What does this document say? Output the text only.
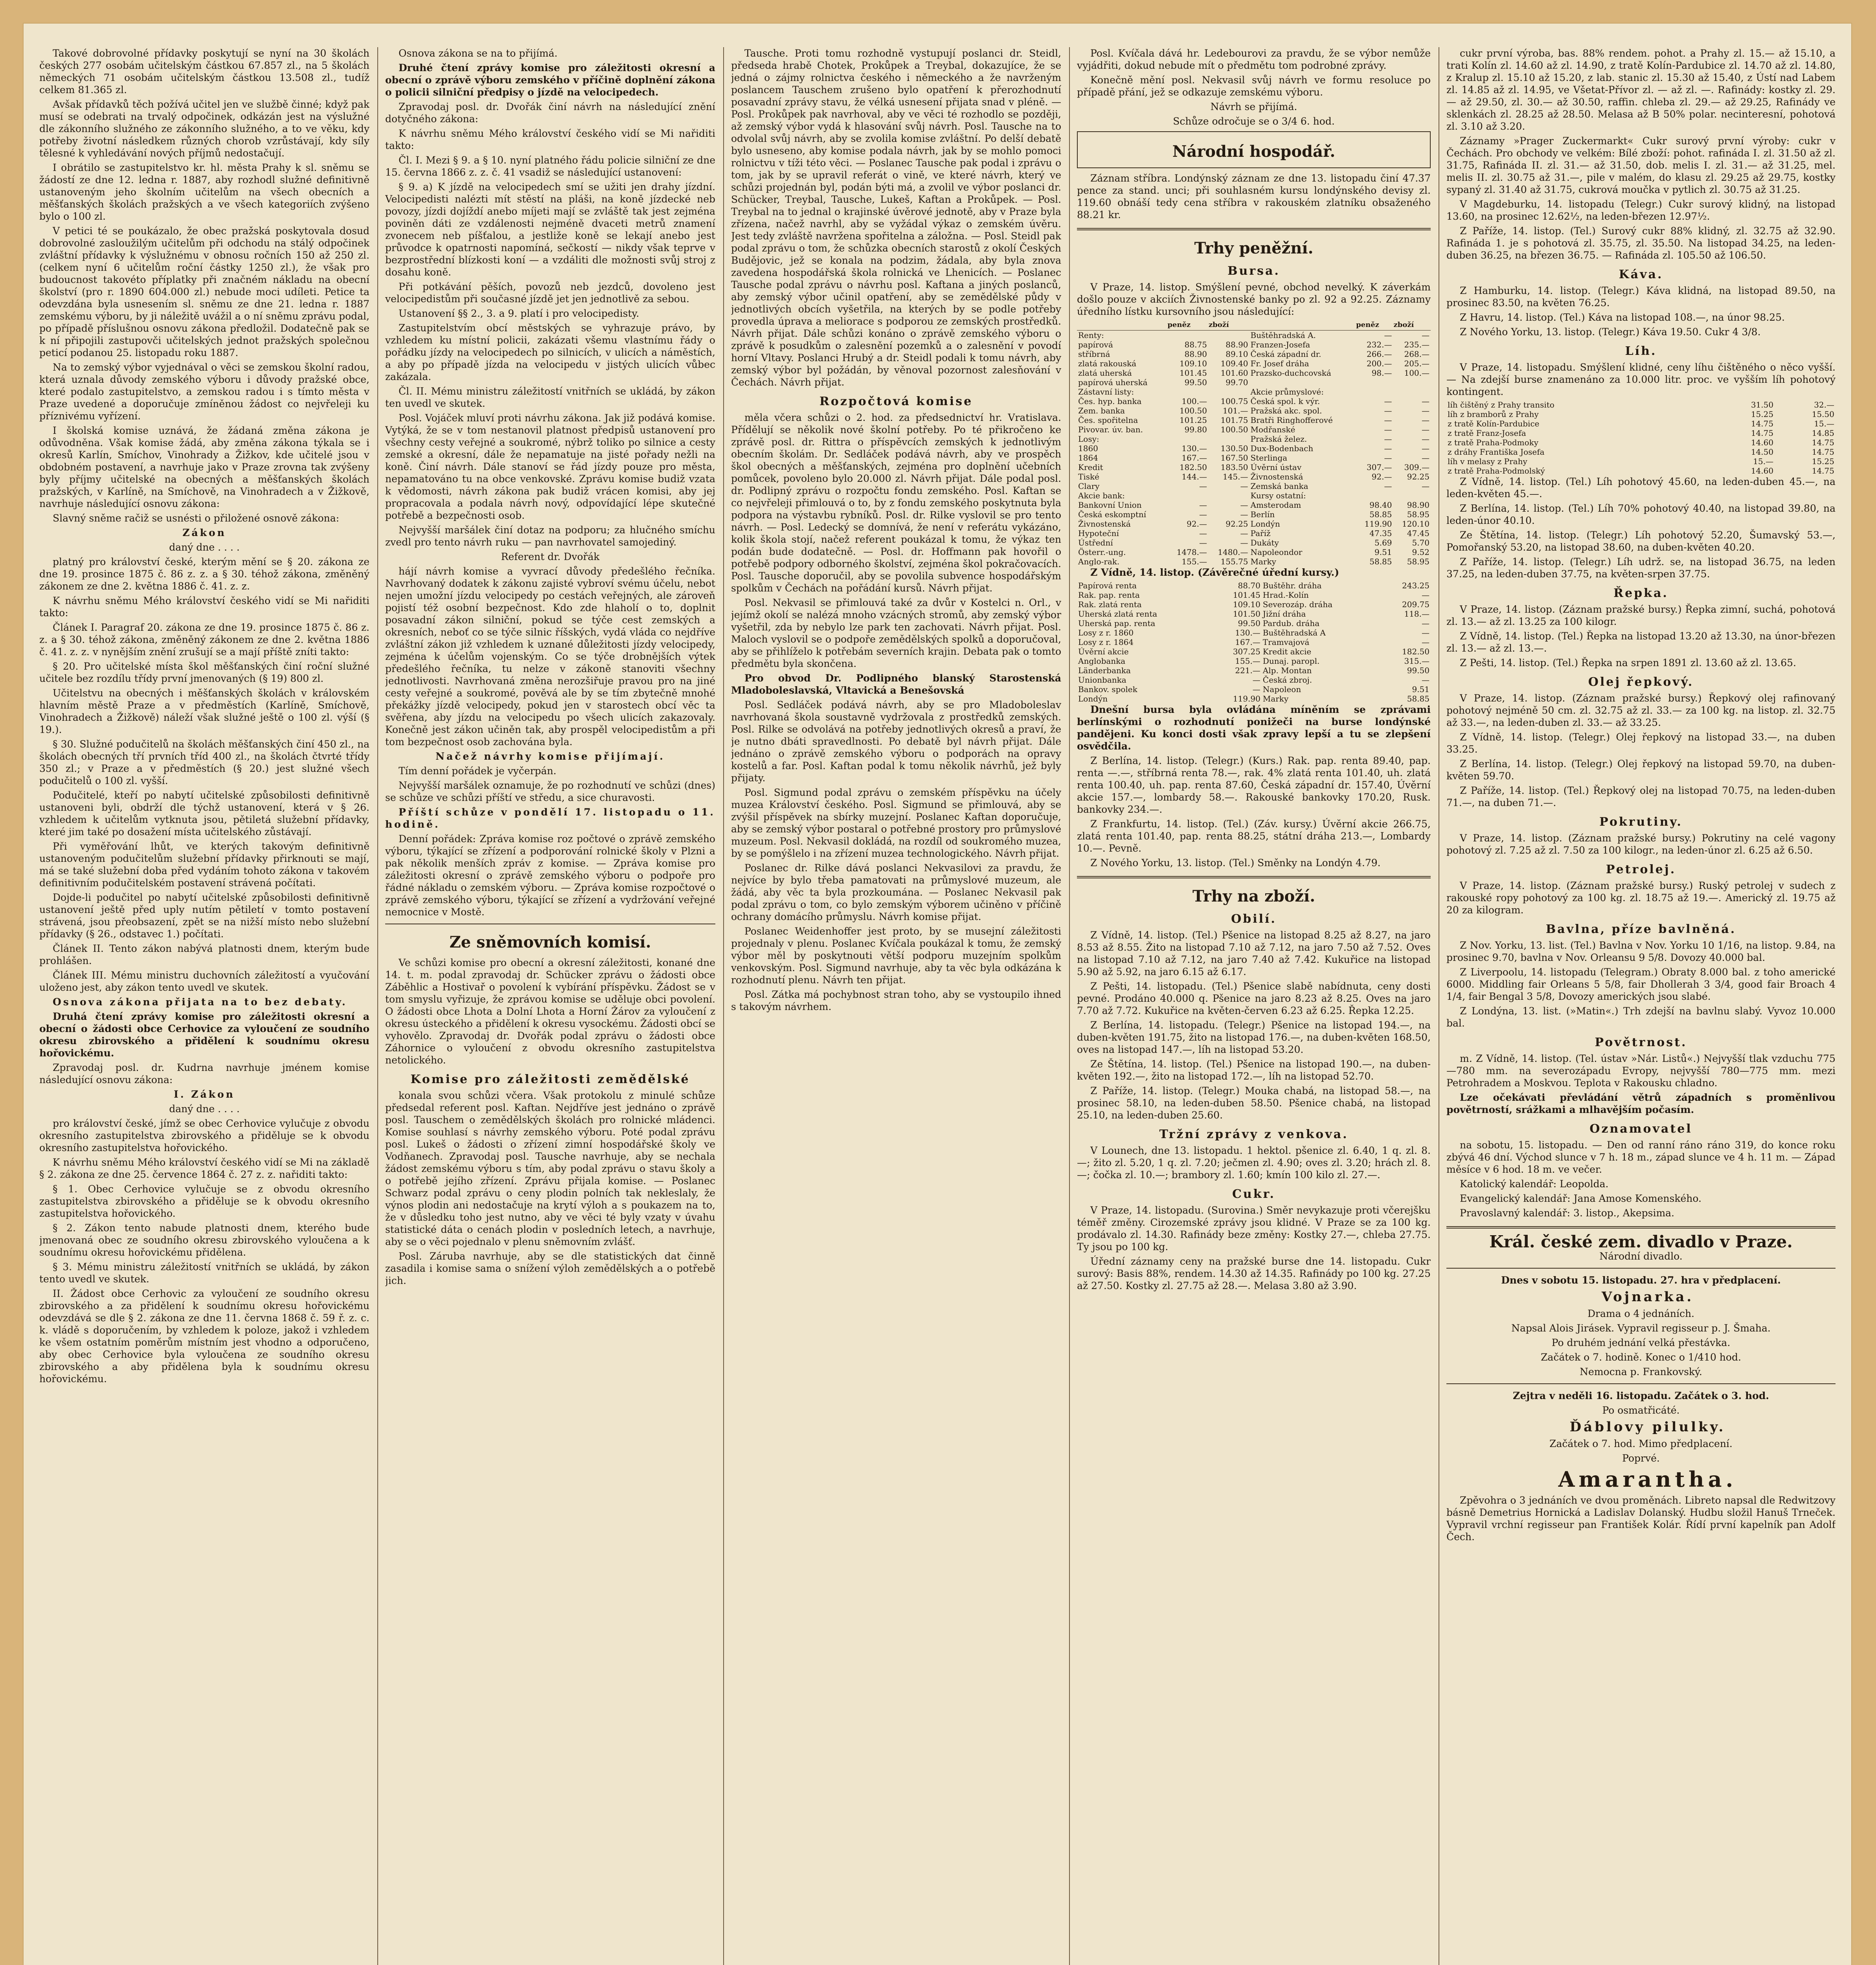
Takové dobrovolné přídavky poskytují se nyní na 30 školách českých 277 osobám učitelským částkou 67.857 zl., na 5 školách německých 71 osobám učitelským částkou 13.508 zl., tudíž celkem 81.365 zl.

Avšak přídavků těch požívá učitel jen ve službě činné; když pak musí se odebrati na trvalý odpočinek, odkázán jest na výslužné dle zákonního služného ze zákonního služného, a to ve věku, kdy potřeby životní následkem různých chorob vzrůstávají, kdy síly tělesné k vyhledávání nových příjmů nedostačují.

I obrátilo se zastupitelstvo kr. hl. města Prahy k sl. sněmu se žádostí ze dne 12. ledna r. 1887, aby rozhodl služné definitivně ustanoveným jeho školním učitelům na všech obecních a měšťanských školách pražských a ve všech kategoriích zvýšeno bylo o 100 zl.

V petici té se poukázalo, že obec pražská poskytovala dosud dobrovolné zasloužilým učitelům při odchodu na stálý odpočinek zvláštní přídavky k výslužnému v obnosu ročních 150 až 250 zl. (celkem nyní 6 učitelům roční částky 1250 zl.), že však pro budoucnost takovéto příplatky při značném nákladu na obecní školství (pro r. 1890 604.000 zl.) nebude moci udíleti. Petice ta odevzdána byla usnesením sl. sněmu ze dne 21. ledna r. 1887 zemskému výboru, by ji náležitě uvážil a o ní sněmu zprávu podal, po případě příslušnou osnovu zákona předložil. Dodatečně pak se k ní připojili zastupovči učitelských jednot pražských společnou peticí podanou 25. listopadu roku 1887.

Na to zemský výbor vyjednával o věci se zemskou školní radou, která uznala důvody zemského výboru i důvody pražské obce, které podalo zastupitelstvo, a zemskou radou i s tímto města v Praze uvedené a doporučuje zmíněnou žádost co nejvřeleji ku příznivému vyřízení.

I školská komise uznává, že žádaná změna zákona je odůvodněna. Však komise žádá, aby změna zákona týkala se i okresů Karlín, Smíchov, Vinohrady a Žižkov, kde učitelé jsou v obdobném postavení, a navrhuje jako v Praze zrovna tak zvýšeny byly příjmy učitelské na obecných a měšťanských školách pražských, v Karlíně, na Smíchově, na Vinohradech a v Žižkově, navrhuje následující osnovu zákona:

Slavný sněme račiž se usnésti o přiložené osnově zákona:

Zákon

daný dne . . . .

platný pro království české, kterým mění se § 20. zákona ze dne 19. prosince 1875 č. 86 z. z. a § 30. téhož zákona, změněný zákonem ze dne 2. května 1886 č. 41. z. z.

K návrhu sněmu Mého království českého vidí se Mi nařiditi takto:

Článek I. Paragraf 20. zákona ze dne 19. prosince 1875 č. 86 z. z. a § 30. téhož zákona, změněný zákonem ze dne 2. května 1886 č. 41. z. z. v nynějším znění zrušují se a mají příště zníti takto:

§ 20. Pro učitelské místa škol měšťanských činí roční služné učitele bez rozdílu třídy první jmenovaných (§ 19) 800 zl.

Učitelstvu na obecných i měšťanských školách v královském hlavním městě Praze a v předměstích (Karlíně, Smíchově, Vinohradech a Žižkově) náleží však služné ještě o 100 zl. výší (§ 19.).

§ 30. Služné podučitelů na školách měšťanských činí 450 zl., na školách obecných tří prvních tříd 400 zl., na školách čtvrté třídy 350 zl.; v Praze a v předměstích (§ 20.) jest služné všech podučitelů o 100 zl. vyšší.

Podučitelé, kteří po nabytí učitelské způsobilosti definitivně ustanoveni byli, obdrží dle týchž ustanovení, která v § 26. vzhledem k učitelům vytknuta jsou, pětiletá služební přídavky, které jim také po dosažení místa učitelského zůstávají.

Při vyměřování lhůt, ve kterých takovým definitivně ustanoveným podučitelům služební přídavky přirknouti se mají, má se také služební doba před vydáním tohoto zákona v takovém definitivním podučitelském postavení strávená počítati.

Dojde-li podučitel po nabytí učitelské způsobilosti definitivně ustanovení ještě před uply nutím pětiletí v tomto postavení strávená, jsou přeobsazení, zpět se na nižší místo nebo služební přídavky (§ 26., odstavec 1.) počítati.

Článek II. Tento zákon nabývá platnosti dnem, kterým bude prohlášen.

Článek III. Mému ministru duchovních záležitostí a vyučování uloženo jest, aby zákon tento uvedl ve skutek.

Osnova zákona přijata na to bez debaty.

Druhá čtení zprávy komise pro záležitosti okresní a obecní o žádosti obce Cerhovice za vyloučení ze soudního okresu zbirovského a přidělení k soudnímu okresu hořovickému.

Zpravodaj posl. dr. Kudrna navrhuje jménem komise následující osnovu zákona:

I. Zákon

daný dne . . . .

pro království české, jímž se obec Cerhovice vylučuje z obvodu okresního zastupitelstva zbirovského a přiděluje se k obvodu okresního zastupitelstva hořovického.

K návrhu sněmu Mého království českého vidí se Mi na základě § 2. zákona ze dne 25. července 1864 č. 27 z. z. nařiditi takto:

§ 1. Obec Cerhovice vylučuje se z obvodu okresního zastupitelstva zbirovského a přiděluje se k obvodu okresního zastupitelstva hořovického.

§ 2. Zákon tento nabude platnosti dnem, kterého bude jmenovaná obec ze soudního okresu zbirovského vyloučena a k soudnímu okresu hořovickému přidělena.

§ 3. Mému ministru záležitostí vnitřních se ukládá, by zákon tento uvedl ve skutek.

II. Žádost obce Cerhovic za vyloučení ze soudního okresu zbirovského a za přidělení k soudnímu okresu hořovickému odevzdává se dle § 2. zákona ze dne 11. června 1868 č. 59 ř. z. c. k. vládě s doporučením, by vzhledem k poloze, jakož i vzhledem ke všem ostatním poměrům místním jest vhodno a odporučeno, aby obec Cerhovice byla vyloučena ze soudního okresu zbirovského a aby přidělena byla k soudnímu okresu hořovickému.

Osnova zákona se na to přijímá.

Druhé čtení zprávy komise pro záležitosti okresní a obecní o zprávě výboru zemského v příčině doplnění zákona o policii silniční předpisy o jízdě na velocipedech.

Zpravodaj posl. dr. Dvořák činí návrh na následující znění dotyčného zákona:

K návrhu sněmu Mého království českého vidí se Mi nařiditi takto:

Čl. I. Mezi § 9. a § 10. nyní platného řádu policie silniční ze dne 15. června 1866 z. z. č. 41 vsadiž se následující ustanovení:

§ 9. a) K jízdě na velocipedech smí se užiti jen drahy jízdní. Velocipedisti nalézti mít stěstí na pláši, na koně jízdecké neb povozy, jízdi dojíždí anebo míjeti mají se zvláště tak jest zejména poviněn dáti ze vzdálenosti nejméně dvaceti metrů znamení zvonecem neb píšťalou, a jestliže koně se lekají anebo jest průvodce k opatrnosti napomíná, sečkostí — nikdy však teprve v bezprostřední blízkosti koní — a vzdáliti dle možnosti svůj stroj z dosahu koně.

Při potkávání pěších, povozů neb jezdců, dovoleno jest velocipedistům při současné jízdě jet jen jednotlivě za sebou.

Ustanovení §§ 2., 3. a 9. platí i pro velocipedisty.

Zastupitelstvím obcí městských se vyhrazuje právo, by vzhledem ku místní policii, zakázati všemu vlastnímu řády o pořádku jízdy na velocipedech po silnicích, v ulicích a náměstích, a aby po případě jízda na velocipedu v jistých ulicích vůbec zakázala.

Čl. II. Mému ministru záležitostí vnitřních se ukládá, by zákon ten uvedl ve skutek.

Posl. Vojáček mluví proti návrhu zákona. Jak již podává komise. Vytýká, že se v tom nestanovil platnost předpisů ustanovení pro všechny cesty veřejné a soukromé, nýbrž toliko po silnice a cesty zemské a okresní, dále že nepamatuje na jisté pořady nežli na koně. Činí návrh. Dále stanoví se řád jízdy pouze pro města, nepamatováno tu na obce venkovské. Zprávu komise budiž vzata k vědomosti, návrh zákona pak budiž vrácen komisi, aby jej propracovala a podala návrh nový, odpovídající lépe skutečné potřebě a bezpečnosti osob.

Nejvyšší maršálek činí dotaz na podporu; za hlučného smíchu zvedl pro tento návrh ruku — pan navrhovatel samojediný.

Referent dr. Dvořák

hájí návrh komise a vyvrací důvody předešlého řečníka. Navrhovaný dodatek k zákonu zajisté vybroví svému účelu, nebot nejen umožní jízdu velocipedy po cestách veřejných, ale zároveň pojistí též osobní bezpečnost. Kdo zde hlaholí o to, doplnit posavadní zákon silniční, pokud se týče cest zemských a okresních, neboť co se týče silnic říšských, vydá vláda co nejdříve zvláštní zákon již vzhledem k uznané důležitosti jízdy velocipedy, zejména k účelům vojenským. Co se týče drobnějších výtek předešlého řečníka, tu nelze v zákoně stanoviti všechny jednotlivosti. Navrhovaná změna nerozšiřuje pravou pro na jiné cesty veřejné a soukromé, pověvá ale by se tím zbytečně mnohé překážky jízdě velocipedy, pokud jen v starostech obcí věc ta svěřena, aby jízdu na velocipedu po všech ulicích zakazovaly. Konečně jest zákon učiněn tak, aby prospěl velocipedistům a při tom bezpečnost osob zachována byla.

Načež návrhy komise přijímají.

Tím denní pořádek je vyčerpán.

Nejvyšší maršálek oznamuje, že po rozhodnutí ve schůzi (dnes) se schůze ve schůzi příští ve středu, a sice churavosti.

Příští schůze v pondělí 17. listopadu o 11. hodině.

Denní pořádek: Zpráva komise roz počtové o zprávě zemského výboru, týkající se zřízení a podporování rolnické školy v Plzni a pak několik menších zpráv z komise. — Zpráva komise pro záležitosti okresní o zprávě zemského výboru o podpoře pro řádné nákladu o zemském výboru. — Zpráva komise rozpočtové o zprávě zemského výboru, týkající se zřízení a vydržování veřejné nemocnice v Mostě.

Ze sněmovních komisí.

Ve schůzi komise pro obecní a okresní záležitosti, konané dne 14. t. m. podal zpravodaj dr. Schücker zprávu o žádosti obce Záběhlic a Hostivař o povolení k vybírání příspěvku. Žádost se v tom smyslu vyřizuje, že zprávou komise se uděluje obci povolení. O žádosti obce Lhota a Dolní Lhota a Horní Žárov za vyloučení z okresu ústeckého a přidělení k okresu vysockému. Žádosti obcí se vyhovělo. Zpravodaj dr. Dvořák podal zprávu o žádosti obce Záhornice o vyloučení z obvodu okresního zastupitelstva netolického.

Komise pro záležitosti zemědělské

konala svou schůzi včera. Však protokolu z minulé schůze předsedal referent posl. Kaftan. Nejdříve jest jednáno o zprávě posl. Tauschem o zemědělských školách pro rolnické mládenci. Komise souhlasí s návrhy zemského výboru. Poté podal zprávu posl. Lukeš o žádosti o zřízení zimní hospodářské školy ve Vodňanech. Zpravodaj posl. Tausche navrhuje, aby se nechala žádost zemskému výboru s tím, aby podal zprávu o stavu školy a o potřebě jejího zřízení. Zprávu přijala komise. — Poslanec Schwarz podal zprávu o ceny plodin polních tak nekleslaly, že výnos plodin ani nedostačuje na krytí výloh a s poukazem na to, že v důsledku toho jest nutno, aby ve věci té byly vzaty v úvahu statistické dáta o cenách plodin v posledních letech, a navrhuje, aby se o věci pojednalo v plenu sněmovním zvlášť.

Posl. Záruba navrhuje, aby se dle statistických dat činně zasadila i komise sama o snížení výloh zemědělských a o potřebě jich.

Tausche. Proti tomu rozhodně vystupují poslanci dr. Steidl, předseda hrabě Chotek, Prokůpek a Treybal, dokazujíce, že se jedná o zájmy rolnictva českého i německého a že navrženým poslancem Tauschem zrušeno bylo opatření k přerozhodnutí posavadní zprávy stavu, že vélká usnesení přijata snad v pléně. — Posl. Prokůpek pak navrhoval, aby ve věci té rozhodlo se později, až zemský výbor vydá k hlasování svůj návrh. Posl. Tausche na to odvolal svůj návrh, aby se zvolila komise zvláštní. Po delší debatě bylo usneseno, aby komise podala návrh, jak by se mohlo pomoci rolnictvu v tíži této věci. — Poslanec Tausche pak podal i zprávu o tom, jak by se upravil referát o vině, ve které návrh, který ve schůzi projednán byl, podán býti má, a zvolil ve výbor poslanci dr. Schücker, Treybal, Tausche, Lukeš, Kaftan a Prokůpek. — Posl. Treybal na to jednal o krajinské úvěrové jednotě, aby v Praze byla zřízena, načež navrhl, aby se vyžádal výkaz o zemském úvěru. Jest tedy zvláště navržena spořitelna a záložna. — Posl. Steidl pak podal zprávu o tom, že schůzka obecních starostů z okolí Českých Budějovic, jež se konala na podzim, žádala, aby byla znova zavedena hospodářská škola rolnická ve Lhenicích. — Poslanec Tausche podal zprávu o návrhu posl. Kaftana a jiných poslanců, aby zemský výbor učinil opatření, aby se zemědělské půdy v jednotlivých obcích vyšetřila, na kterých by se podle potřeby provedla úprava a meliorace s podporou ze zemských prostředků. Návrh přijat. Dále schůzi konáno o zprávě zemského výboru o zprávě k posudkům o zalesnění pozemků a o zalesnění v povodí horní Vltavy. Poslanci Hrubý a dr. Steidl podali k tomu návrh, aby zemský výbor byl požádán, by věnoval pozornost zalesňování v Čechách. Návrh přijat.

Rozpočtová komise

měla včera schůzi o 2. hod. za předsednictví hr. Vratislava. Přídělují se několik nové školní potřeby. Po té přikročeno ke zprávě posl. dr. Rittra o příspěvcích zemských k jednotlivým obecním školám. Dr. Sedláček podává návrh, aby ve prospěch škol obecných a měšťanských, zejména pro doplnění učebních pomůcek, povoleno bylo 20.000 zl. Návrh přijat. Dále podal posl. dr. Podlipný zprávu o rozpočtu fondu zemského. Posl. Kaftan se co nejvřeleji přimlouvá o to, by z fondu zemského poskytnuta byla podpora na výstavbu rybníků. Posl. dr. Rilke vyslovil se pro tento návrh. — Posl. Ledecký se domnívá, že není v referátu vykázáno, kolik škola stojí, načež referent poukázal k tomu, že výkaz ten podán bude dodatečně. — Posl. dr. Hoffmann pak hovořil o potřebě podpory odborného školství, zejména škol pokračovacích. Posl. Tausche doporučil, aby se povolila subvence hospodářským spolkům v Čechách na pořádání kursů. Návrh přijat.

Posl. Nekvasil se přimlouvá také za dvůr v Kostelci n. Orl., v jejímž okolí se nalézá mnoho vzácných stromů, aby zemský výbor vyšetřil, zda by nebylo lze park ten zachovati. Návrh přijat. Posl. Maloch vyslovil se o podpoře zemědělských spolků a doporučoval, aby se přihlíželo k potřebám severních krajin. Debata pak o tomto předmětu byla skončena.

Pro obvod Dr. Podlipného blanský Starostenská Mladoboleslavská, Vltavická a Benešovská

Posl. Sedláček podává návrh, aby se pro Mladoboleslav navrhovaná škola soustavně vydržovala z prostředků zemských. Posl. Rilke se odvolává na potřeby jednotlivých okresů a praví, že je nutno dbáti spravedlnosti. Po debatě byl návrh přijat. Dále jednáno o zprávě zemského výboru o podporách na opravy kostelů a far. Posl. Kaftan podal k tomu několik návrhů, jež byly přijaty.

Posl. Sigmund podal zprávu o zemském příspěvku na účely muzea Království českého. Posl. Sigmund se přimlouvá, aby se zvýšil příspěvek na sbírky muzejní. Poslanec Kaftan doporučuje, aby se zemský výbor postaral o potřebné prostory pro průmyslové muzeum. Posl. Nekvasil dokládá, na rozdíl od soukromého muzea, by se pomýšlelo i na zřízení muzea technologického. Návrh přijat.

Poslanec dr. Rilke dává poslanci Nekvasilovi za pravdu, že nejvíce by bylo třeba pamatovati na průmyslové muzeum, ale žádá, aby věc ta byla prozkoumána. — Poslanec Nekvasil pak podal zprávu o tom, co bylo zemským výborem učiněno v příčině ochrany domácího průmyslu. Návrh komise přijat.

Poslanec Weidenhoffer jest proto, by se musejní záležitosti projednaly v plenu. Poslanec Kvíčala poukázal k tomu, že zemský výbor měl by poskytnouti větší podporu muzejním spolkům venkovským. Posl. Sigmund navrhuje, aby ta věc byla odkázána k rozhodnutí plenu. Návrh ten přijat.

Posl. Zátka má pochybnost stran toho, aby se vystoupilo ihned s takovým návrhem.

Posl. Kvíčala dává hr. Ledebourovi za pravdu, že se výbor nemůže vyjádřiti, dokud nebude mít o předmětu tom podrobné zprávy.

Konečně mění posl. Nekvasil svůj návrh ve formu resoluce po případě přání, jež se odkazuje zemskému výboru.

Návrh se přijímá.

Schůze odročuje se o 3/4 6. hod.

Národní hospodář.

Záznam stříbra. Londýnský záznam ze dne 13. listopadu činí 47.37 pence za stand. unci; při souhlasném kursu londýnského devisy zl. 119.60 obnáší tedy cena stříbra v rakouském zlatníku obsaženého 88.21 kr.

Trhy peněžní.
Bursa.

V Praze, 14. listop. Smýšlení pevné, obchod nevelký. K záverkám došlo pouze v akciích Živnostenské banky po zl. 92 a 92.25. Záznamy úředního lístku kursovního jsou následující:

	peněz	zboží		peněz	zboží
Renty:			Buštěhradská A.	—	—
papírová	88.75	88.90	Franzen-Josefa	232.—	235.—
stříbrná	88.90	89.10	Česká západní dr.	266.—	268.—
zlatá rakouská	109.10	109.40	Fr. Josef dráha	200.—	205.—
zlatá uherská	101.45	101.60	Prazsko-duchcovská	98.—	100.—
papírová uherská	99.50	99.70			
Zástavní listy:			Akcie průmyslové:		
Čes. hyp. banka	100.—	100.75	Česká spol. k výr.	—	—
Zem. banka	100.50	101.—	Pražská akc. spol.	—	—
Čes. spořitelna	101.25	101.75	Bratři Ringhofferové	—	—
Pivovar. úv. ban.	99.80	100.50	Modřanské	—	—
Losy:			Pražská želez.	—	—
1860	130.—	130.50	Dux-Bodenbach	—	—
1864	167.—	167.50	Sterlinga	—	—
Kredit	182.50	183.50	Úvěrní ústav	307.—	309.—
Tiské	144.—	145.—	Živnostenská	92.—	92.25
Clary	—	—	Zemská banka	—	—
Akcie bank:			Kursy ostatní:		
Bankovní Union	—	—	Amsterodam	98.40	98.90
Česká eskomptní	—	—	Berlín	58.85	58.95
Živnostenská	92.—	92.25	Londýn	119.90	120.10
Hypoteční	—	—	Paříž	47.35	47.45
Ústřední	—	—	Dukáty	5.69	5.70
Österr.-ung.	1478.—	1480.—	Napoleondor	9.51	9.52
Anglo-rak.	155.—	155.75	Marky	58.85	58.95

Z Vídně, 14. listop. (Závěrečné úřední kursy.)

Papírová renta	88.70	Buštěhr. dráha	243.25
Rak. pap. renta	101.45	Hrad.-Kolín	—
Rak. zlatá renta	109.10	Severozáp. dráha	209.75
Uherská zlatá renta	101.50	Jižní dráha	118.—
Uherská pap. renta	99.50	Pardub. dráha	—
Losy z r. 1860	130.—	Buštěhradská A	—
Losy z r. 1864	167.—	Tramvajová	—
Úvěrní akcie	307.25	Kredit akcie	182.50
Anglobanka	155.—	Dunaj. paropl.	315.—
Länderbanka	221.—	Alp. Montan	99.50
Unionbanka	—	Česká zbroj.	—
Bankov. spolek	—	Napoleon	9.51
Londýn	119.90	Marky	58.85

Dnešní bursa byla ovládána míněním se zprávami berlínskými o rozhodnutí ponižeči na burse londýnské pandějeni. Ku konci dosti však zpravy lepší a tu se zlepšení osvědčila.

Z Berlína, 14. listop. (Telegr.) (Kurs.) Rak. pap. renta 89.40, pap. renta —.—, stříbrná renta 78.—, rak. 4% zlatá renta 101.40, uh. zlatá renta 100.40, uh. pap. renta 87.60, Česká západní dr. 157.40, Úvěrní akcie 157.—, lombardy 58.—. Rakouské bankovky 170.20, Rusk. bankovky 234.—.

Z Frankfurtu, 14. listop. (Tel.) (Záv. kursy.) Úvěrní akcie 266.75, zlatá renta 101.40, pap. renta 88.25, státní dráha 213.—, Lombardy 10.—. Pevně.

Z Nového Yorku, 13. listop. (Tel.) Směnky na Londýn 4.79.

Trhy na zboží.
Obilí.

Z Vídně, 14. listop. (Tel.) Pšenice na listopad 8.25 až 8.27, na jaro 8.53 až 8.55. Žito na listopad 7.10 až 7.12, na jaro 7.50 až 7.52. Oves na listopad 7.10 až 7.12, na jaro 7.40 až 7.42. Kukuřice na listopad 5.90 až 5.92, na jaro 6.15 až 6.17.

Z Pešti, 14. listopadu. (Tel.) Pšenice slabě nabídnuta, ceny dosti pevné. Prodáno 40.000 q. Pšenice na jaro 8.23 až 8.25. Oves na jaro 7.70 až 7.72. Kukuřice na květen-červen 6.23 až 6.25. Řepka 12.25.

Z Berlína, 14. listopadu. (Telegr.) Pšenice na listopad 194.—, na duben-květen 191.75, žito na listopad 176.—, na duben-květen 168.50, oves na listopad 147.—, líh na listopad 53.20.

Ze Štětína, 14. listop. (Tel.) Pšenice na listopad 190.—, na duben-květen 192.—, žito na listopad 172.—, líh na listopad 52.70.

Z Paříže, 14. listop. (Telegr.) Mouka chabá, na listopad 58.—, na prosinec 58.10, na leden-duben 58.50. Pšenice chabá, na listopad 25.10, na leden-duben 25.60.

Tržní zprávy z venkova.

V Lounech, dne 13. listopadu. 1 hektol. pšenice zl. 6.40, 1 q. zl. 8.—; žito zl. 5.20, 1 q. zl. 7.20; ječmen zl. 4.90; oves zl. 3.20; hrách zl. 8.—; čočka zl. 10.—; brambory zl. 1.60; kmín 100 kilo zl. 27.—.

Cukr.

V Praze, 14. listopadu. (Surovina.) Směr nevykazuje proti včerejšku téměř změny. Cirozemské zprávy jsou klidné. V Praze se za 100 kg. prodávalo zl. 14.30. Rafinády beze změny: Kostky 27.—, chleba 27.75. Ty jsou po 100 kg.

Úřední záznamy ceny na pražské burse dne 14. listopadu. Cukr surový: Basis 88%, rendem. 14.30 až 14.35. Rafinády po 100 kg. 27.25 až 27.50. Kostky zl. 27.75 až 28.—. Melasa 3.80 až 3.90.

cukr první výroba, bas. 88% rendem. pohot. a Prahy zl. 15.— až 15.10, a trati Kolín zl. 14.60 až zl. 14.90, z tratě Kolín-Pardubice zl. 14.70 až zl. 14.80, z Kralup zl. 15.10 až 15.20, z lab. stanic zl. 15.30 až 15.40, z Ústí nad Labem zl. 14.85 až zl. 14.95, ve Všetat-Přívor zl. — až zl. —. Rafinády: kostky zl. 29.— až 29.50, zl. 30.— až 30.50, raffin. chleba zl. 29.— až 29.25, Rafinády ve sklenkách zl. 28.25 až 28.50. Melasa až B 50% polar. necinteresní, pohotová zl. 3.10 až 3.20.

Záznamy »Prager Zuckermarkt« Cukr surový první výroby: cukr v Čechách. Pro obchody ve velkém: Bílé zboží: pohot. rafináda I. zl. 31.50 až zl. 31.75, Rafináda II. zl. 31.— až 31.50, dob. melis I. zl. 31.— až 31.25, mel. melis II. zl. 30.75 až 31.—, pile v malém, do klasu zl. 29.25 až 29.75, kostky sypaný zl. 31.40 až 31.75, cukrová moučka v pytlich zl. 30.75 až 31.25.

V Magdeburku, 14. listopadu (Telegr.) Cukr surový klidný, na listopad 13.60, na prosinec 12.62½, na leden-březen 12.97½.

Z Paříže, 14. listop. (Tel.) Surový cukr 88% klidný, zl. 32.75 až 32.90. Rafináda 1. je s pohotová zl. 35.75, zl. 35.50. Na listopad 34.25, na leden-duben 36.25, na březen 36.75. — Rafináda zl. 105.50 až 106.50.

Káva.

Z Hamburku, 14. listop. (Telegr.) Káva klidná, na listopad 89.50, na prosinec 83.50, na květen 76.25.

Z Havru, 14. listop. (Tel.) Káva na listopad 108.—, na únor 98.25.

Z Nového Yorku, 13. listop. (Telegr.) Káva 19.50. Cukr 4 3/8.

Líh.

V Praze, 14. listopadu. Smýšlení klidné, ceny líhu čištěného o něco vyšší. — Na zdejší burse znamenáno za 10.000 litr. proc. ve vyšším líh pohotový kontingent.

líh čištěný z Prahy transito	31.50	32.—
líh z bramborů z Prahy	15.25	15.50
z tratě Kolín-Pardubice	14.75	15.—
z tratě Franz-Josefa	14.75	14.85
z tratě Praha-Podmoky	14.60	14.75
z dráhy Františka Josefa	14.50	14.75
líh v melasy z Prahy	15.—	15.25
z tratě Praha-Podmolský	14.60	14.75

Z Vídně, 14. listop. (Tel.) Líh pohotový 45.60, na leden-duben 45.—, na leden-květen 45.—.

Z Berlína, 14. listop. (Tel.) Líh 70% pohotový 40.40, na listopad 39.80, na leden-únor 40.10.

Ze Štětína, 14. listop. (Telegr.) Líh pohotový 52.20, Šumavský 53.—, Pomořanský 53.20, na listopad 38.60, na duben-květen 40.20.

Z Paříže, 14. listop. (Telegr.) Líh udrž. se, na listopad 36.75, na leden 37.25, na leden-duben 37.75, na květen-srpen 37.75.

Řepka.

V Praze, 14. listop. (Záznam pražské bursy.) Řepka zimní, suchá, pohotová zl. 13.— až zl. 13.25 za 100 kilogr.

Z Vídně, 14. listop. (Tel.) Řepka na listopad 13.20 až 13.30, na únor-březen zl. 13.— až zl. 13.—.

Z Pešti, 14. listop. (Tel.) Řepka na srpen 1891 zl. 13.60 až zl. 13.65.

Olej řepkový.

V Praze, 14. listop. (Záznam pražské bursy.) Řepkový olej rafinovaný pohotový nejméně 50 cm. zl. 32.75 až zl. 33.— za 100 kg. na listop. zl. 32.75 až 33.—, na leden-duben zl. 33.— až 33.25.

Z Vídně, 14. listop. (Telegr.) Olej řepkový na listopad 33.—, na duben 33.25.

Z Berlína, 14. listop. (Telegr.) Olej řepkový na listopad 59.70, na duben-květen 59.70.

Z Paříže, 14. listop. (Tel.) Řepkový olej na listopad 70.75, na leden-duben 71.—, na duben 71.—.

Pokrutiny.

V Praze, 14. listop. (Záznam pražské bursy.) Pokrutiny na celé vagony pohotový zl. 7.25 až zl. 7.50 za 100 kilogr., na leden-únor zl. 6.25 až 6.50.

Petrolej.

V Praze, 14. listop. (Záznam pražské bursy.) Ruský petrolej v sudech z rakouské ropy pohotový za 100 kg. zl. 18.75 až 19.—. Americký zl. 19.75 až 20 za kilogram.

Bavlna, příze bavlněná.

Z Nov. Yorku, 13. list. (Tel.) Bavlna v Nov. Yorku 10 1/16, na listop. 9.84, na prosinec 9.70, bavlna v Nov. Orleansu 9 5/8. Dovozy 40.000 bal.

Z Liverpoolu, 14. listopadu (Telegram.) Obraty 8.000 bal. z toho americké 6000. Middling fair Orleans 5 5/8, fair Dhollerah 3 3/4, good fair Broach 4 1/4, fair Bengal 3 5/8, Dovozy amerických jsou slabé.

Z Londýna, 13. list. (»Matin«.) Trh zdejší na bavlnu slabý. Vyvoz 10.000 bal.

Povětrnost.

m. Z Vídně, 14. listop. (Tel. ústav »Nár. Listů«.) Nejvyšší tlak vzduchu 775—780 mm. na severozápadu Evropy, nejvyšší 780—775 mm. mezi Petrohradem a Moskvou. Teplota v Rakousku chladno.

Lze očekávati převládání větrů západních s proměnlivou povětrností, srážkami a mlhavějším počasím.

Oznamovatel

na sobotu, 15. listopadu. — Den od ranní ráno ráno 319, do konce roku zbývá 46 dní. Východ slunce v 7 h. 18 m., západ slunce ve 4 h. 11 m. — Západ měsíce v 6 hod. 18 m. ve večer.

Katolický kalendář: Leopolda.

Evangelický kalendář: Jana Amose Komenského.

Pravoslavný kalendář: 3. listop., Akepsima.

Král. české zem. divadlo v Praze.

Národní divadlo.

Dnes v sobotu 15. listopadu. 27. hra v předplacení.

Vojnarka.

Drama o 4 jednáních.

Napsal Alois Jirásek. Vypravil regisseur p. J. Šmaha.

Po druhém jednání velká přestávka.

Začátek o 7. hodině. Konec o 1/410 hod.

Nemocna p. Frankovský.

Zejtra v neděli 16. listopadu. Začátek o 3. hod.

Po osmatřicáté.

Ďáblovy pilulky.

Začátek o 7. hod. Mimo předplacení.

Poprvé.

Amarantha.

Zpěvohra o 3 jednáních ve dvou proměnách. Libreto napsal dle Redwitzovy básně Demetrius Hornická a Ladislav Dolanský. Hudbu složil Hanuš Trneček. Vypravil vrchní regisseur pan František Kolár. Řídí první kapelník pan Adolf Čech.
